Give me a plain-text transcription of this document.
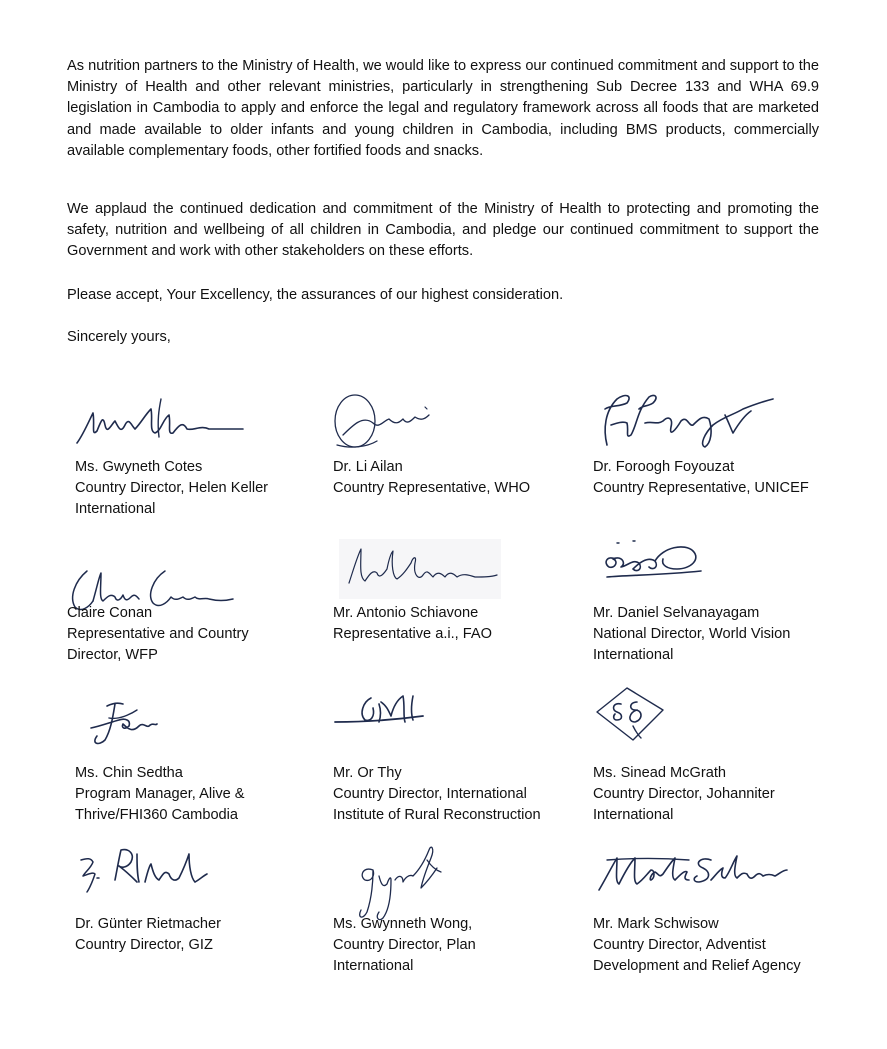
As nutrition partners to the Ministry of Health, we would like to express our continued commitment and support to the Ministry of Health and other relevant ministries, particularly in strengthening Sub Decree 133 and WHA 69.9 legislation in Cambodia to apply and enforce the legal and regulatory framework across all foods that are marketed and made available to older infants and young children in Cambodia, including BMS products, commercially available complementary foods, other fortified foods and snacks.

We applaud the continued dedication and commitment of the Ministry of Health to protecting and promoting the safety, nutrition and wellbeing of all children in Cambodia, and pledge our continued commitment to support the Government and work with other stakeholders on these efforts.

Please accept, Your Excellency, the assurances of our highest consideration.

Sincerely yours,

Ms. Gwyneth Cotes
Country Director, Helen Keller
International
Dr. Li Ailan
Country Representative, WHO
Dr. Foroogh Foyouzat
Country Representative, UNICEF
Claire Conan
Representative and Country
Director, WFP
Mr. Antonio Schiavone
Representative a.i., FAO
Mr. Daniel Selvanayagam
National Director, World Vision
International
Ms. Chin Sedtha
Program Manager, Alive &
Thrive/FHI360 Cambodia
Mr. Or Thy
Country Director, International
Institute of Rural Reconstruction
Ms. Sinead McGrath
Country Director, Johanniter
International
Dr. Günter Rietmacher
Country Director, GIZ
Ms. Gwynneth Wong,
Country Director, Plan
International
Mr. Mark Schwisow
Country Director, Adventist
Development and Relief Agency
